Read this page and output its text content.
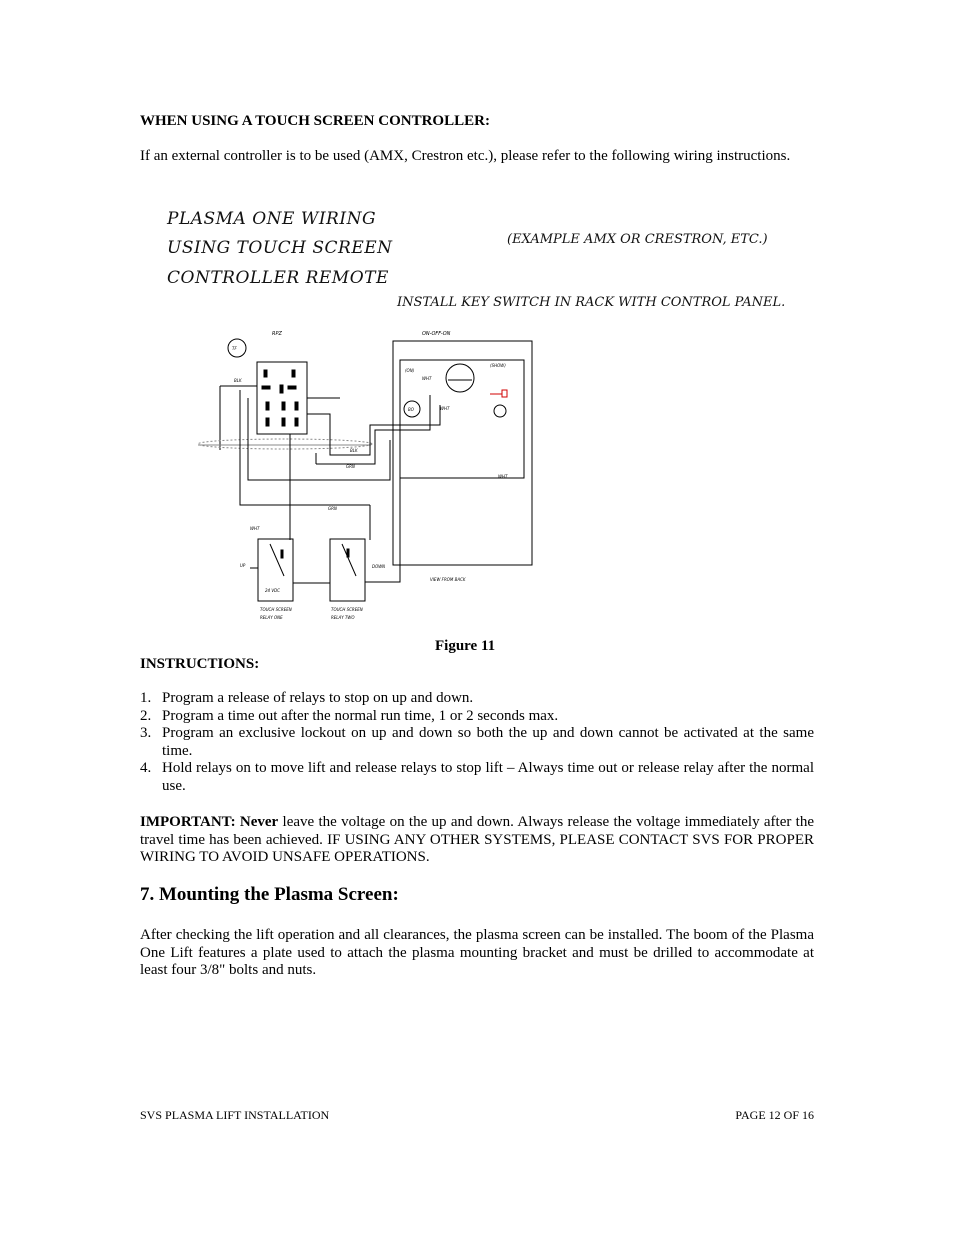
WHEN USING A TOUCH SCREEN CONTROLLER:
If an external controller is to be used (AMX, Crestron etc.), please refer to the following wiring instructions.
PLASMA ONE WIRING
USING TOUCH SCREEN
CONTROLLER REMOTE
(EXAMPLE AMX OR CRESTRON, ETC.)
INSTALL KEY SWITCH IN RACK WITH CONTROL PANEL.
RPZ	ON-OFF-ON
TF
BLK
BLK
GRN
GRN
WHT
WHT
WHT
WHT
(ON)
(SHOW)
BO
UP	DOWN
24 VDC
VIEW FROM BACK
TOUCH SCREEN
RELAY ONE
TOUCH SCREEN
RELAY TWO
Figure 11
INSTRUCTIONS:
1. Program a release of relays to stop on up and down.
2. Program a time out after the normal run time, 1 or 2 seconds max.
3. Program an exclusive lockout on up and down so both the up and down cannot be activated at the same time.
4. Hold relays on to move lift and release relays to stop lift – Always time out or release relay after the normal use.
IMPORTANT: Never leave the voltage on the up and down. Always release the voltage immediately after the travel time has been achieved. IF USING ANY OTHER SYSTEMS, PLEASE CONTACT SVS FOR PROPER WIRING TO AVOID UNSAFE OPERATIONS.
7. Mounting the Plasma Screen:
After checking the lift operation and all clearances, the plasma screen can be installed. The boom of the Plasma One Lift features a plate used to attach the plasma mounting bracket and must be drilled to accommodate at least four 3/8" bolts and nuts.
SVS PLASMA LIFT INSTALLATION	PAGE 12 OF 16
